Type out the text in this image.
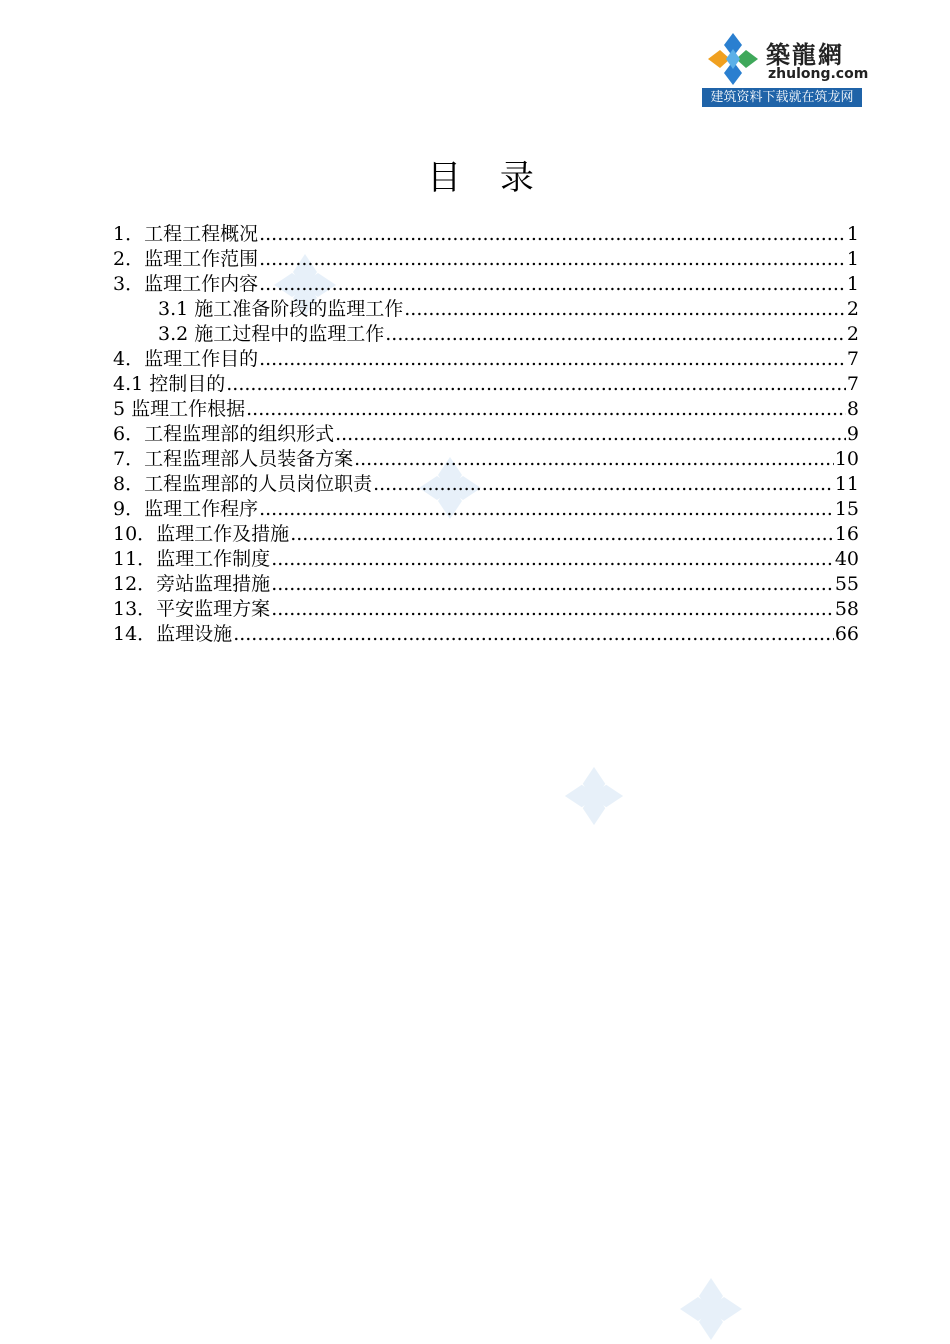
築龍網
zhulong.com
建筑资料下载就在筑龙网
目 录
1．工程工程概况 .....	1
2．监理工作范围 .....	1
3．监理工作内容 .....	1
3.1 施工准备阶段的监理工作 .....	2
3.2 施工过程中的监理工作 .....	2
4．监理工作目的 .....	7
4.1 控制目的 .....	7
5 监理工作根据 .....	8
6．工程监理部的组织形式 .....	9
7．工程监理部人员装备方案 .....	10
8．工程监理部的人员岗位职责 .....	11
9．监理工作程序 .....	15
10．监理工作及措施 .....	16
11．监理工作制度 .....	40
12．旁站监理措施 .....	55
13．平安监理方案 .....	58
14．监理设施 .....	66
